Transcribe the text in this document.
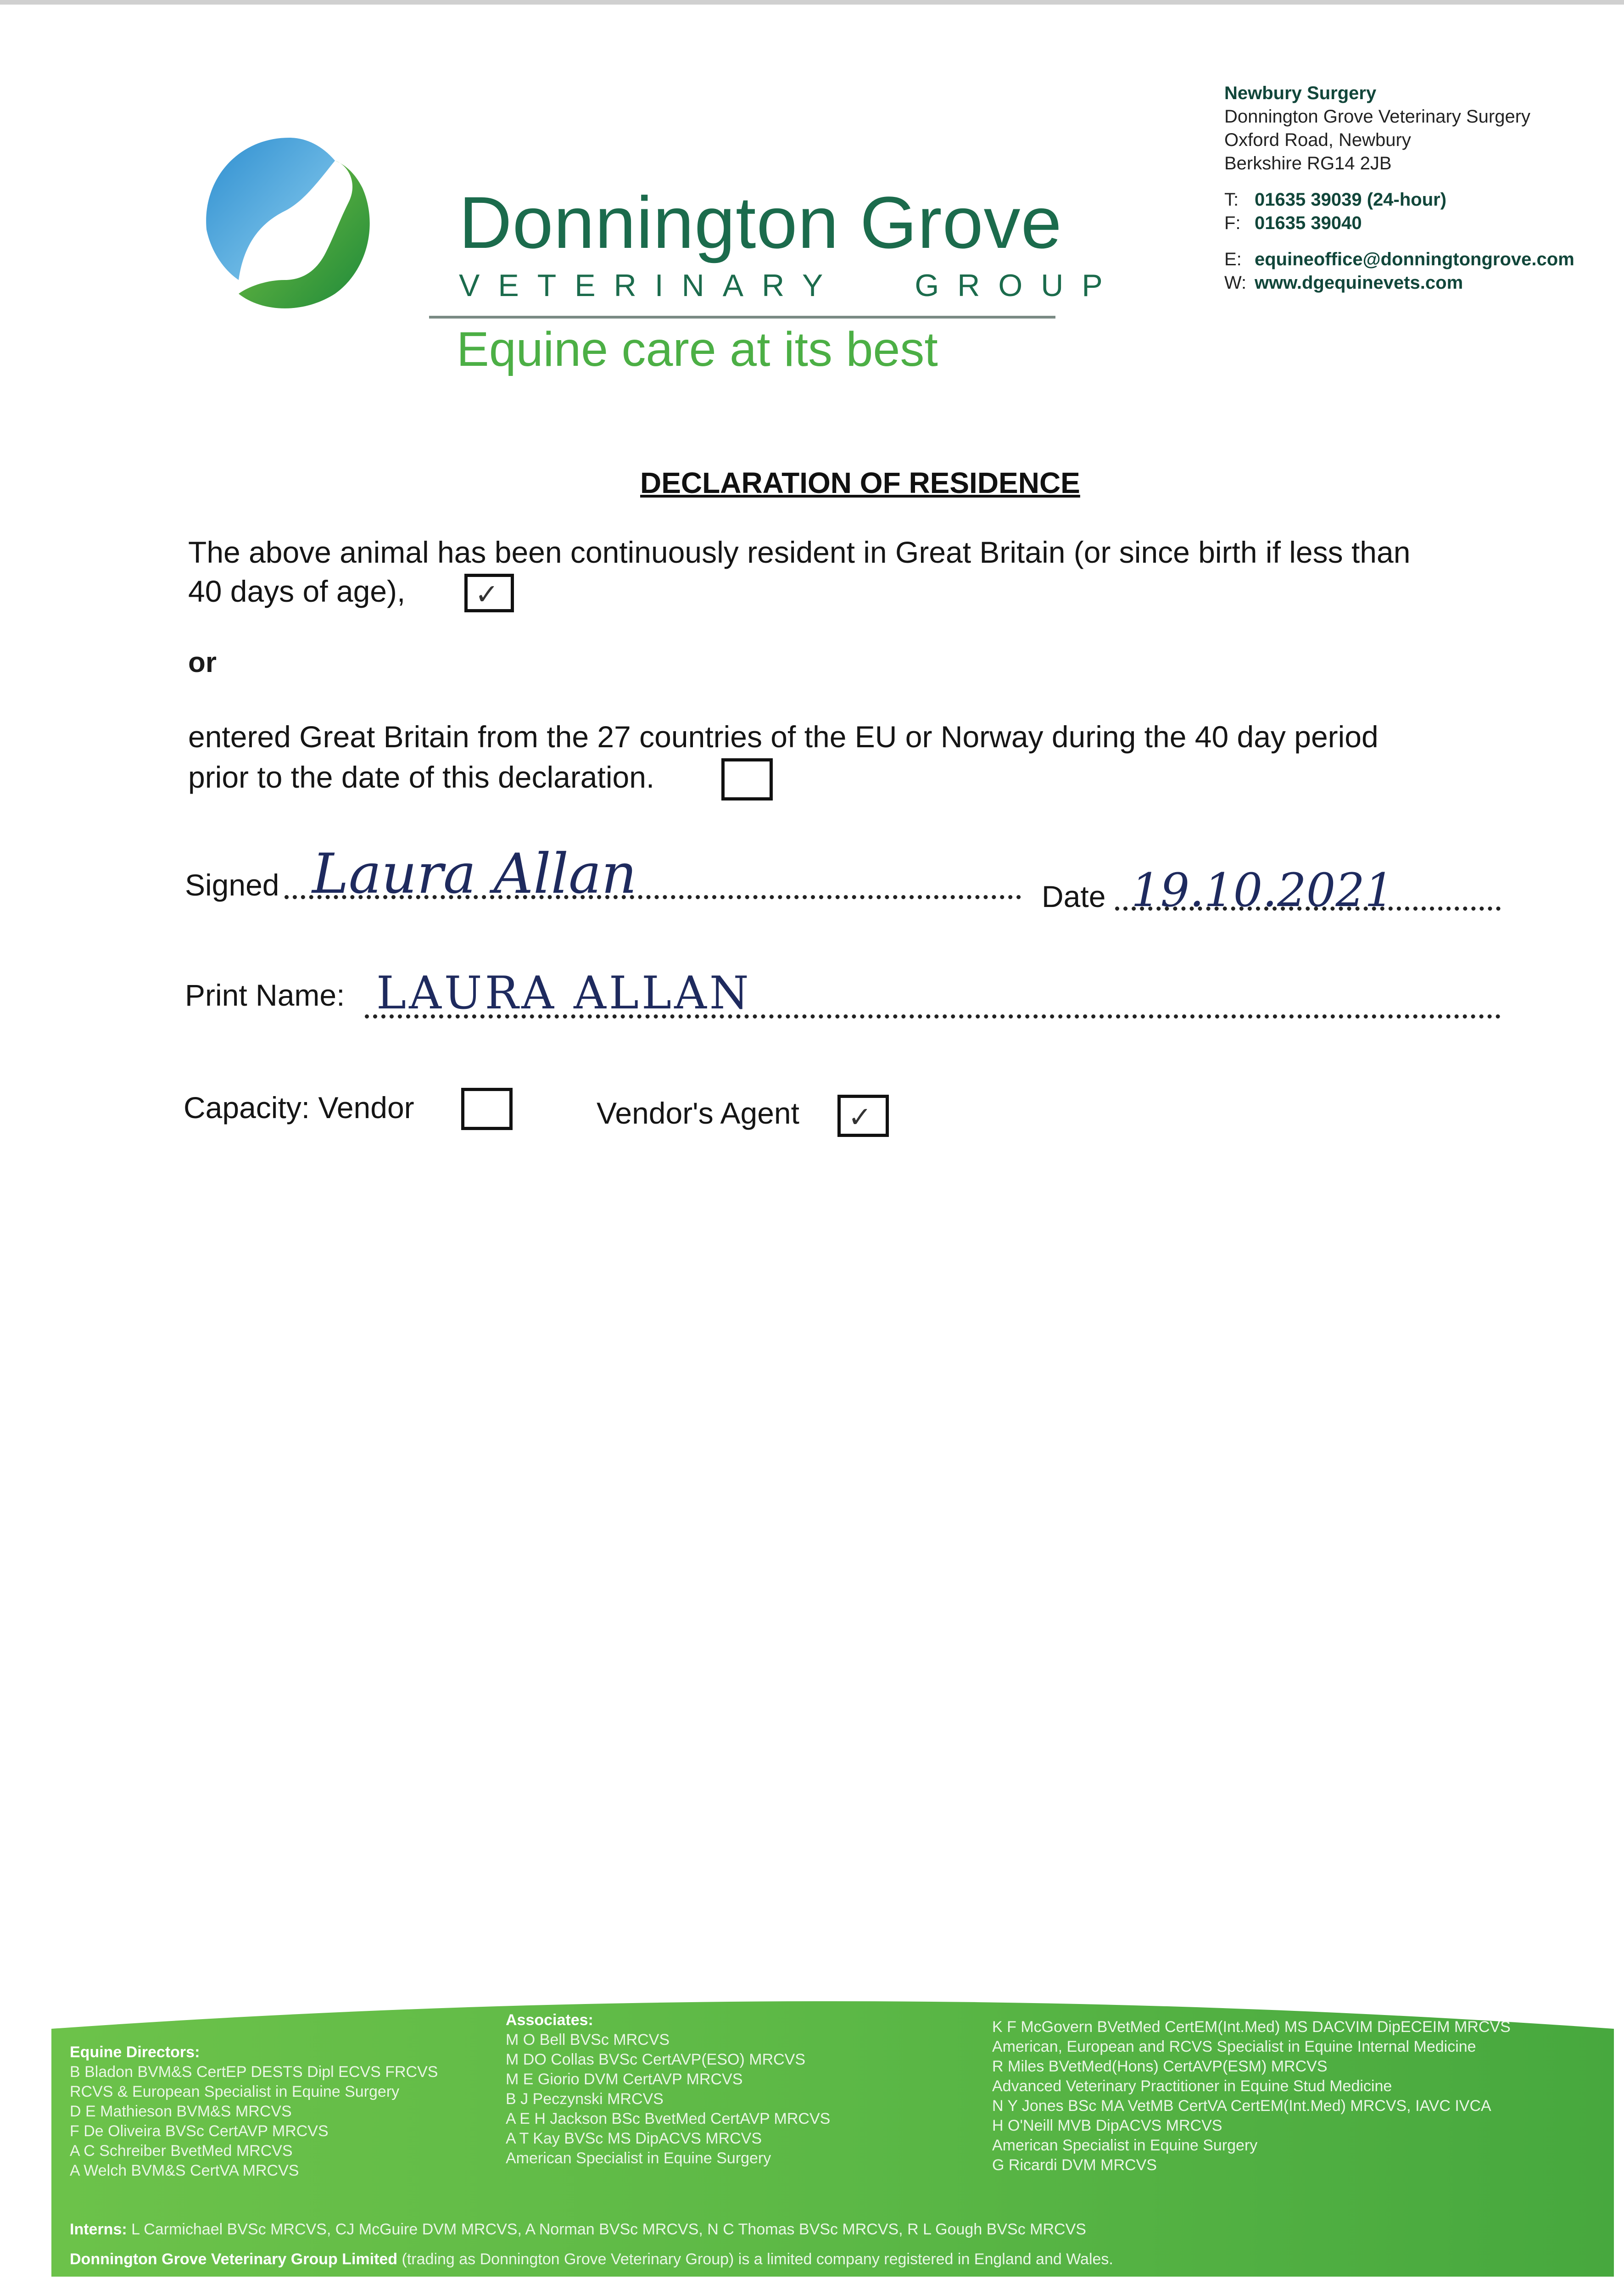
Donnington Grove
VETERINARY GROUP
Equine care at its best
Newbury Surgery
Donnington Grove Veterinary Surgery
Oxford Road, Newbury
Berkshire RG14 2JB
T: 01635 39039 (24-hour)
F: 01635 39040
E: equineoffice@donningtongrove.com
W: www.dgequinevets.com
DECLARATION OF RESIDENCE
The above animal has been continuously resident in Great Britain (or since birth if less than
40 days of age), ✓
or
entered Great Britain from the 27 countries of the EU or Norway during the 40 day period
prior to the date of this declaration.
Signed Laura Allan	Date 19.10.2021
Print Name: LAURA ALLAN
Capacity: Vendor	Vendor's Agent ✓
Equine Directors:
B Bladon BVM&S CertEP DESTS Dipl ECVS FRCVS
RCVS & European Specialist in Equine Surgery
D E Mathieson BVM&S MRCVS
F De Oliveira BVSc CertAVP MRCVS
A C Schreiber BvetMed MRCVS
A Welch BVM&S CertVA MRCVS
Associates:
M O Bell BVSc MRCVS
M DO Collas BVSc CertAVP(ESO) MRCVS
M E Giorio DVM CertAVP MRCVS
B J Peczynski MRCVS
A E H Jackson BSc BvetMed CertAVP MRCVS
A T Kay BVSc MS DipACVS MRCVS
American Specialist in Equine Surgery
K F McGovern BVetMed CertEM(Int.Med) MS DACVIM DipECEIM MRCVS
American, European and RCVS Specialist in Equine Internal Medicine
R Miles BVetMed(Hons) CertAVP(ESM) MRCVS
Advanced Veterinary Practitioner in Equine Stud Medicine
N Y Jones BSc MA VetMB CertVA CertEM(Int.Med) MRCVS, IAVC IVCA
H O'Neill MVB DipACVS MRCVS
American Specialist in Equine Surgery
G Ricardi DVM MRCVS
Interns: L Carmichael BVSc MRCVS, CJ McGuire DVM MRCVS, A Norman BVSc MRCVS, N C Thomas BVSc MRCVS, R L Gough BVSc MRCVS
Donnington Grove Veterinary Group Limited (trading as Donnington Grove Veterinary Group) is a limited company registered in England and Wales.
